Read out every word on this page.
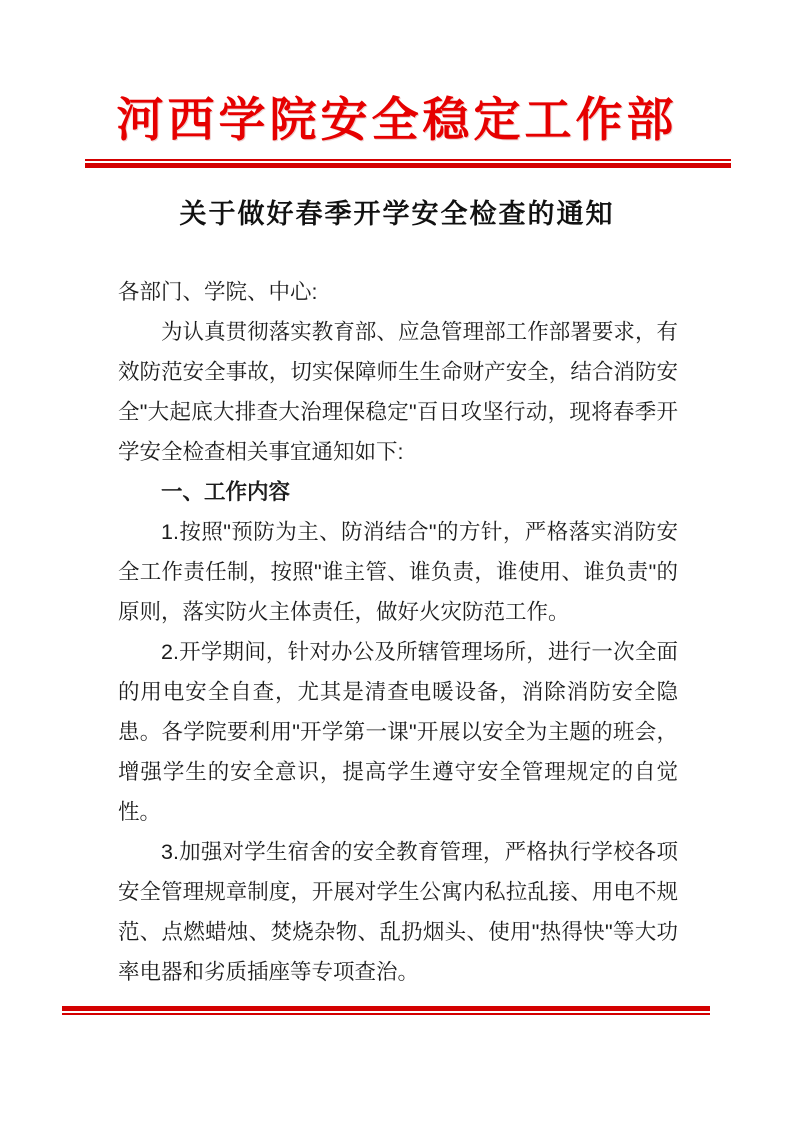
河西学院安全稳定工作部
关于做好春季开学安全检查的通知

各部门、学院、中心:

为认真贯彻落实教育部、应急管理部工作部署要求，有效防范安全事故，切实保障师生生命财产安全，结合消防安全"大起底大排查大治理保稳定"百日攻坚行动，现将春季开学安全检查相关事宜通知如下:

一、工作内容

1.按照"预防为主、防消结合"的方针，严格落实消防安全工作责任制，按照"谁主管、谁负责，谁使用、谁负责"的原则，落实防火主体责任，做好火灾防范工作。

2.开学期间，针对办公及所辖管理场所，进行一次全面的用电安全自查，尤其是清查电暖设备，消除消防安全隐患。各学院要利用"开学第一课"开展以安全为主题的班会，增强学生的安全意识，提高学生遵守安全管理规定的自觉性。

3.加强对学生宿舍的安全教育管理，严格执行学校各项安全管理规章制度，开展对学生公寓内私拉乱接、用电不规范、点燃蜡烛、焚烧杂物、乱扔烟头、使用"热得快"等大功率电器和劣质插座等专项查治。
